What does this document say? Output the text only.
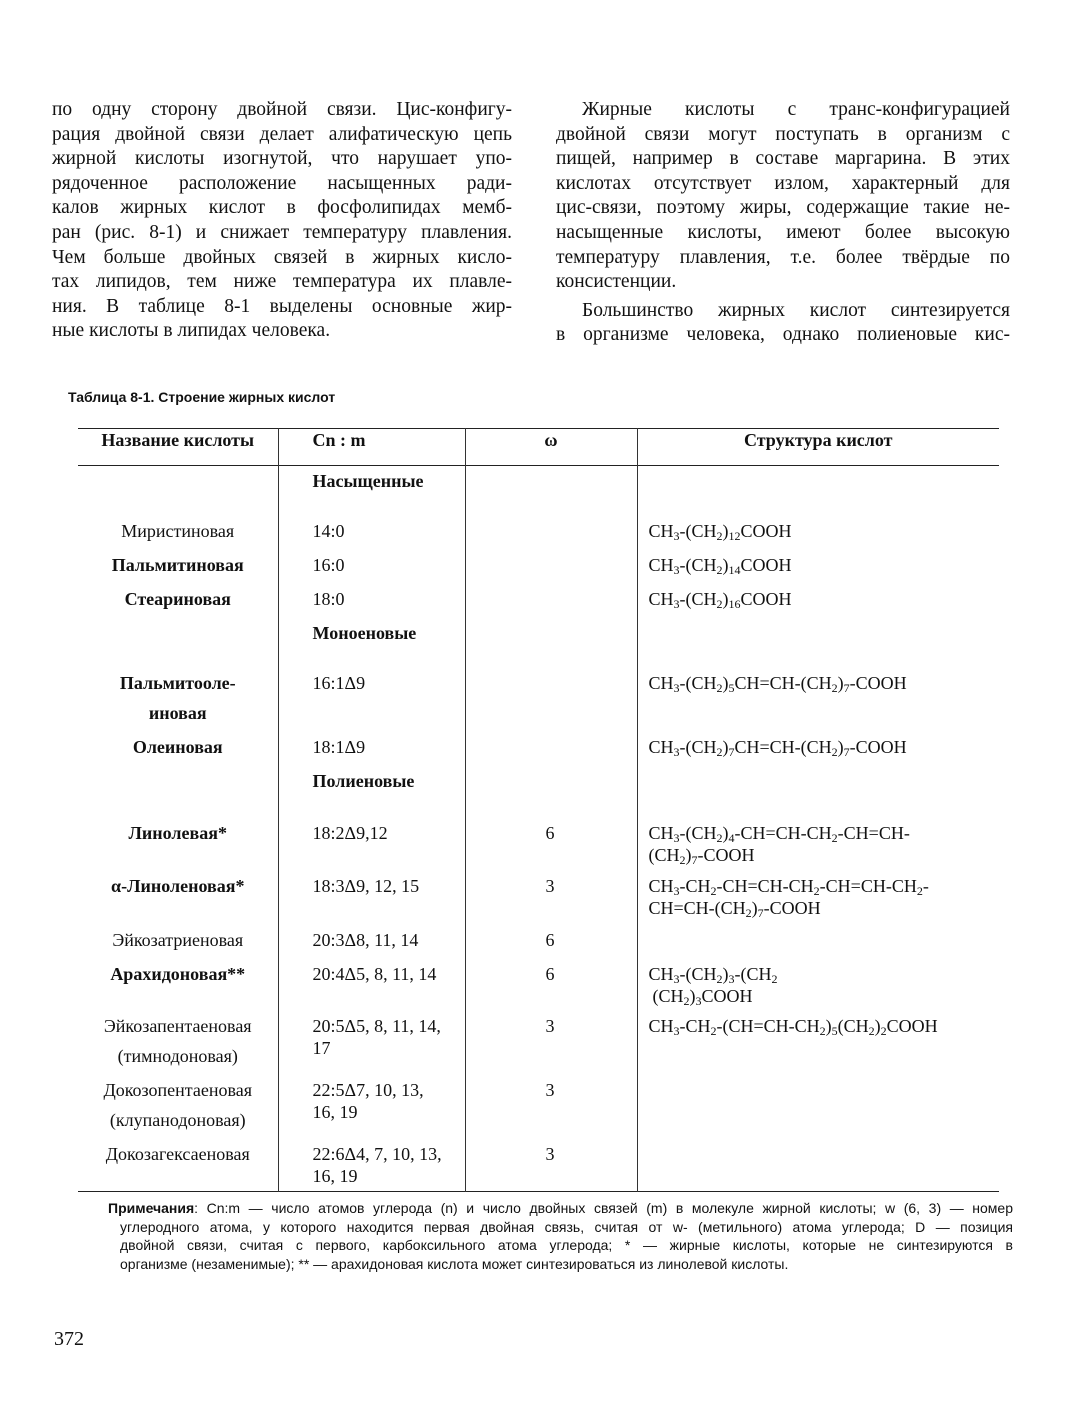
по одну сторону двойной связи. Цис-конфигу-
рация двойной связи делает алифатическую цепь
жирной кислоты изогнутой, что нарушает упо-
рядоченное расположение насыщенных ради-
калов жирных кислот в фосфолипидах мемб-
ран (рис. 8-1) и снижает температуру плавления.
Чем больше двойных связей в жирных кисло-
тах липидов, тем ниже температура их плавле-
ния. В таблице 8-1 выделены основные жир-
ные кислоты в липидах человека.

Жирные кислоты с транс-конфигурацией
двойной связи могут поступать в организм с
пищей, например в составе маргарина. В этих
кислотах отсутствует излом, характерный для
цис-связи, поэтому жиры, содержащие такие не-
насыщенные кислоты, имеют более высокую
температуру плавления, т.е. более твёрдые по
консистенции.

Большинство жирных кислот синтезируется
в организме человека, однако полиеновые кис-

Таблица 8-1. Строение жирных кислот
Название кислоты	Cn : m	ω	Структура кислот
	Насыщенные		
Миристиновая	14:0		$CH_3-(CH_2)_{12}COOH$
Пальмитиновая	16:0		$CH_3-(CH_2)_{14}COOH$
Стеариновая	18:0		$CH_3-(CH_2)_{16}COOH$
	Моноеновые		
Пальмитооле-
иновая	16:1Δ9		$CH_3-(CH_2)_5CH=CH-(CH_2)_7$-COOH
Олеиновая	18:1Δ9		$CH_3-(CH_2)_7CH=CH-(CH_2)_7$-COOH
	Полиеновые		
Линолевая*	18:2Δ9,12	6	$CH_3-(CH_2)_4-CH=CH-CH_2-CH=CH-$
$(CH_2)_7$-COOH
α-Линоленовая*	18:3Δ9, 12, 15	3	$CH_3-CH_2-CH=CH-CH_2-CH=CH-CH_2-$
$CH=CH-(CH_2)_7$-COOH
Эйкозатриеновая	20:3Δ8, 11, 14	6	
Арахидоновая**	20:4Δ5, 8, 11, 14	6	$CH_3-(CH_2)_3-(CH_2$
$(CH_2)_3COOH$
Эйкозапентаеновая
(тимнодоновая)	20:5Δ5, 8, 11, 14,
17	3	$CH_3-CH_2-(CH=CH-CH_2)_5(CH_2)_2COOH$
Докозопентаеновая
(клупанодоновая)	22:5Δ7, 10, 13,
16, 19	3	
Докозагексаеновая	22:6Δ4, 7, 10, 13,
16, 19	3	
Примечания: Cn:m — число атомов углерода (n) и число двойных связей (m) в молекуле жирной кислоты; w (6, 3) — номер
углеродного атома, у которого находится первая двойная связь, считая от w- (метильного) атома углерода; D — позиция
двойной связи, считая с первого, карбоксильного атома углерода; * — жирные кислоты, которые не синтезируются в
организме (незаменимые); ** — арахидоновая кислота может синтезироваться из линолевой кислоты.
372
